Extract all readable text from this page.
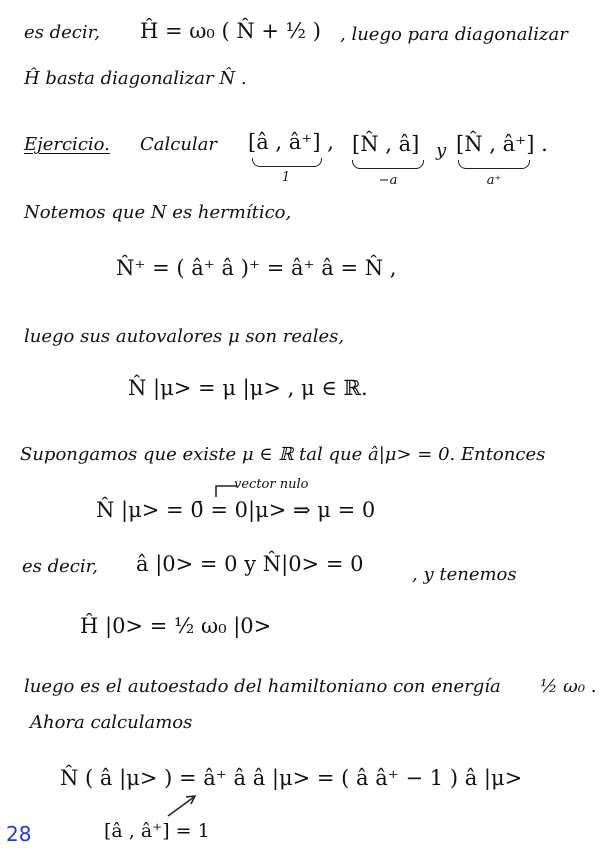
es decir, Ĥ = ω₀ ( N̂ + ½ ) , luego para diagonalizar
Ĥ basta diagonalizar N̂ .
Ejercicio. Calcular [â , â⁺] , [N̂ , â] y [N̂ , â⁺] .
1	−a	a⁺
Notemos que N es hermítico,
N̂⁺ = ( â⁺ â )⁺ = â⁺ â = N̂ ,
luego sus autovalores μ son reales,
N̂ |μ> = μ |μ> , μ ∈ ℝ.
Supongamos que existe μ ∈ ℝ tal que â|μ> = 0. Entonces
vector nulo
N̂ |μ> = 0̄ = 0|μ> ⇒ μ = 0
es decir, â |0> = 0 y N̂|0> = 0	, y tenemos
Ĥ |0> = ½ ω₀ |0>
luego es el autoestado del hamiltoniano con energía ½ ω₀ .
Ahora calculamos
N̂ ( â |μ> ) = â⁺ â â |μ> = ( â â⁺ − 1 ) â |μ>
[â , â⁺] = 1
28
